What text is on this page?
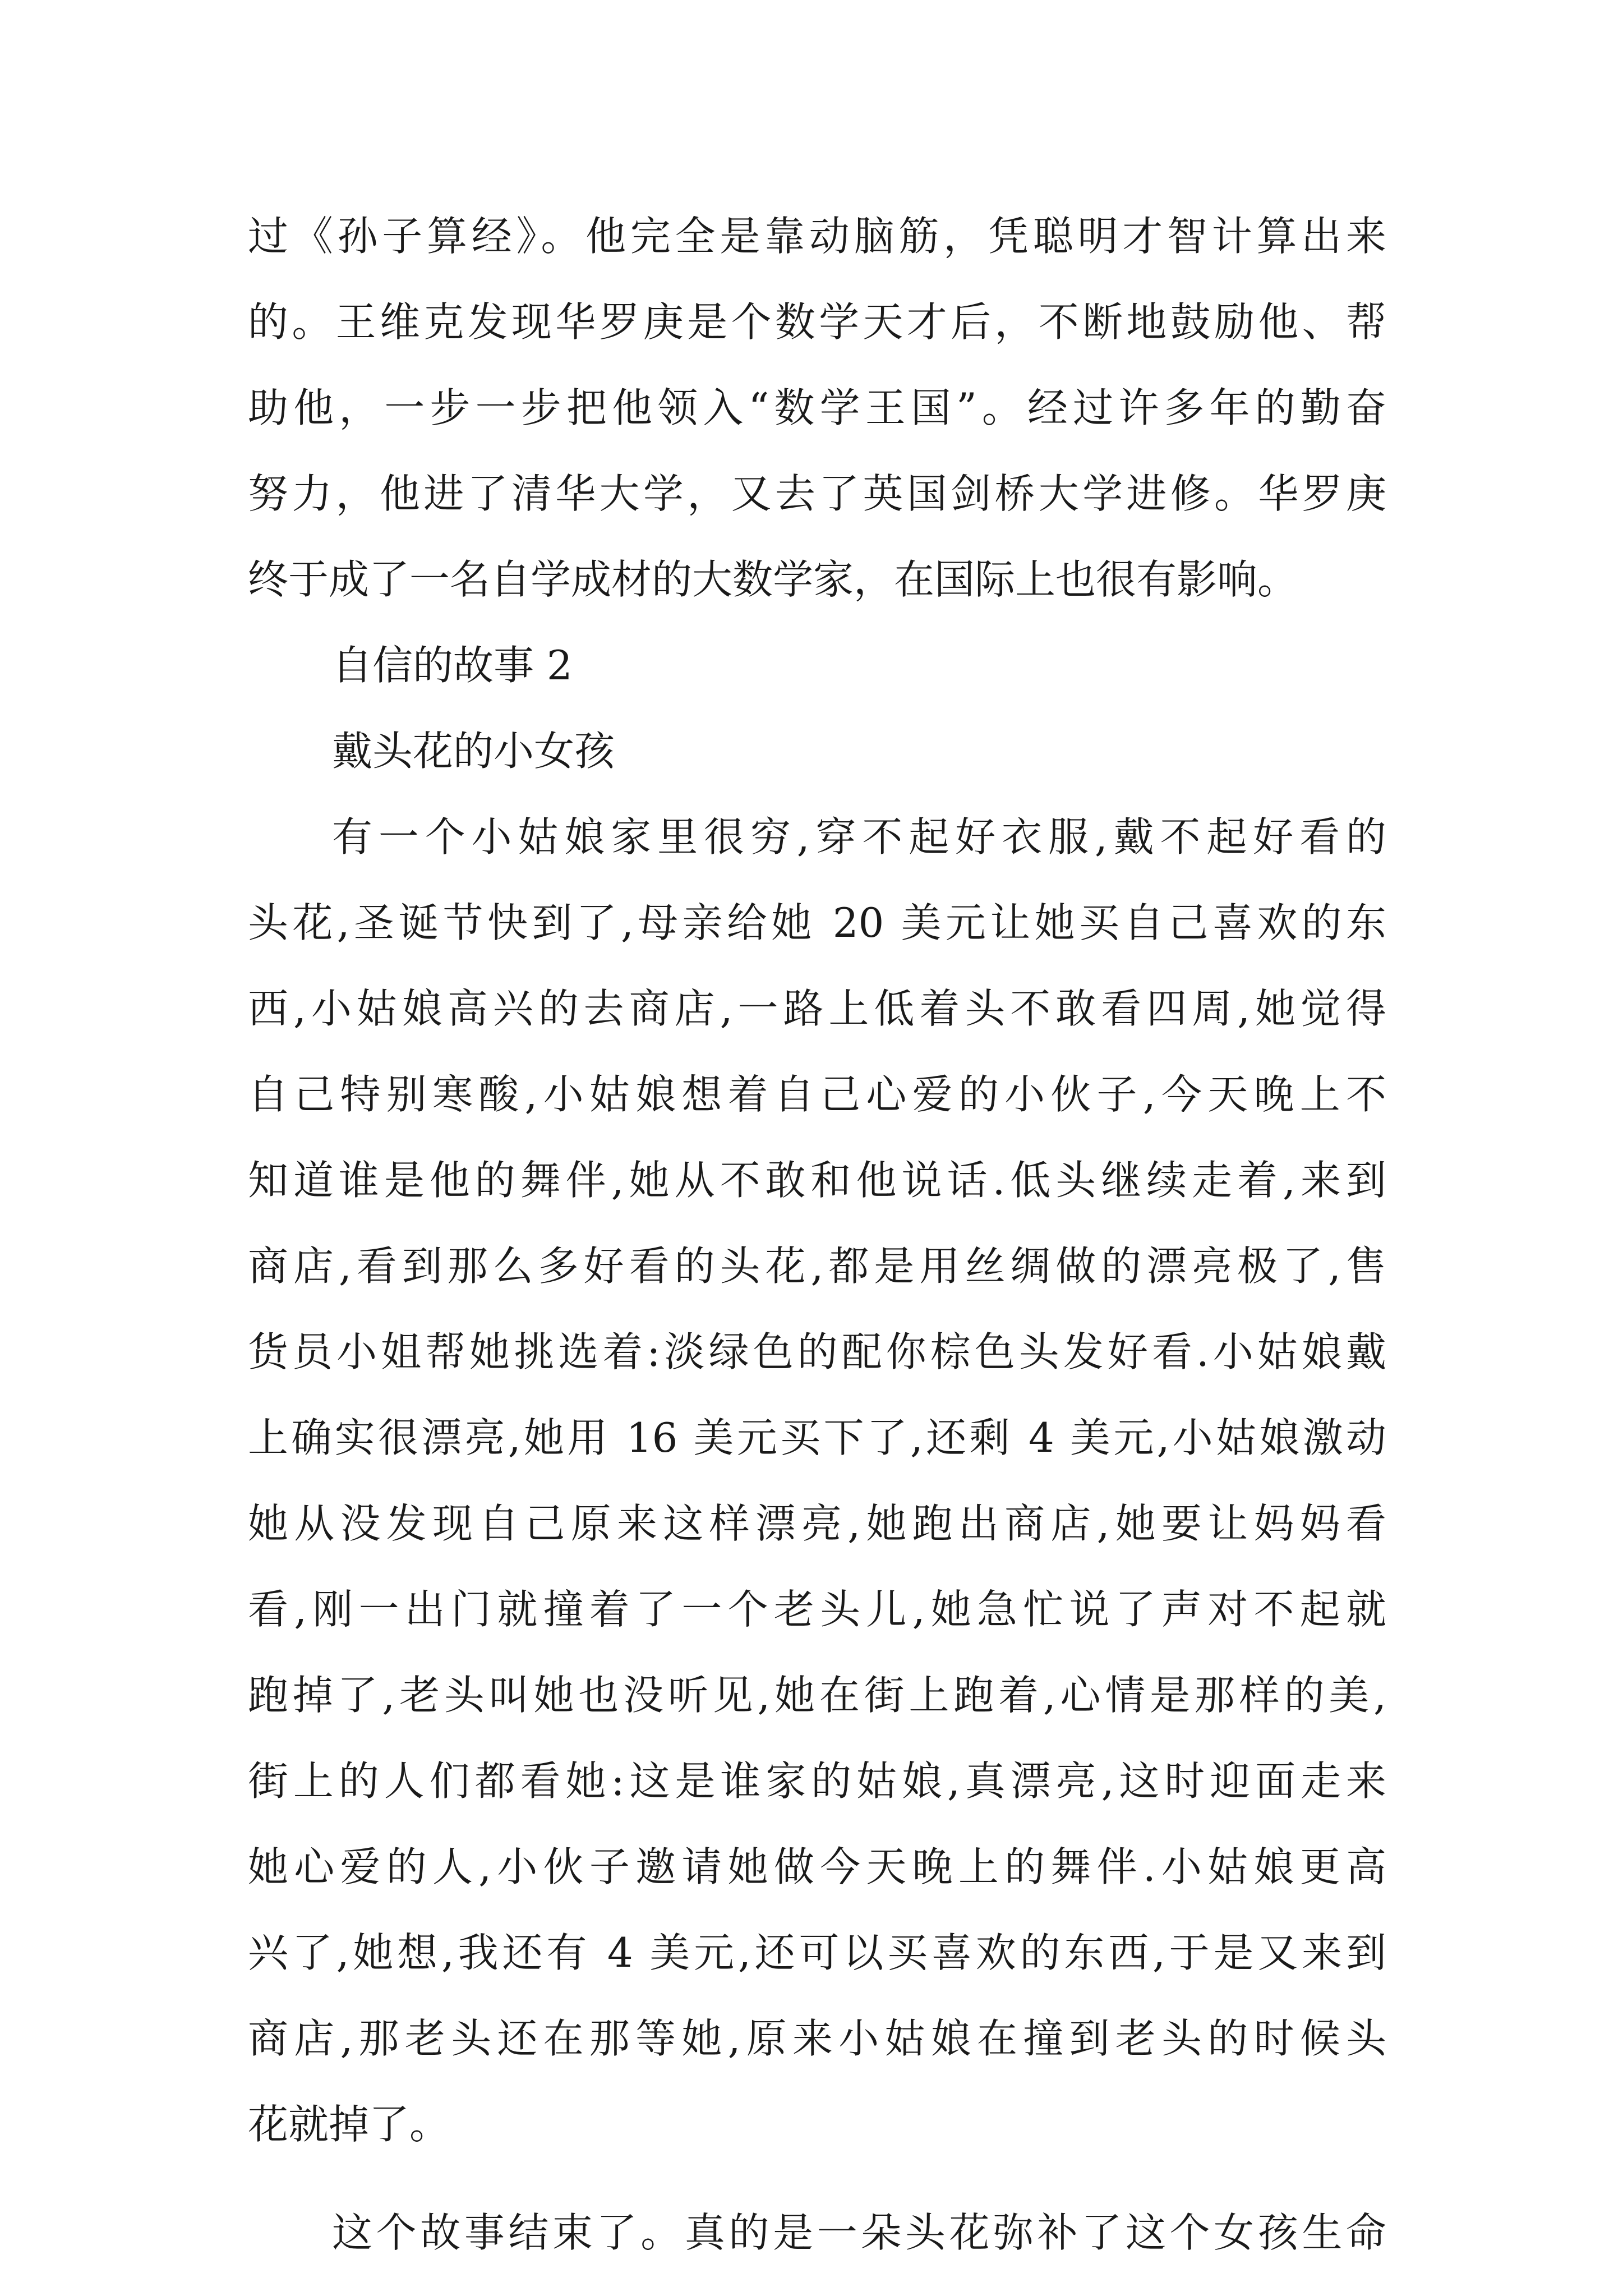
过《孙子算经》。他完全是靠动脑筋，凭聪明才智计算出来
的。王维克发现华罗庚是个数学天才后，不断地鼓励他、帮
助他，一步一步把他领入“数学王国”。经过许多年的勤奋
努力，他进了清华大学，又去了英国剑桥大学进修。华罗庚
终于成了一名自学成材的大数学家，在国际上也很有影响。
自信的故事 2
戴头花的小女孩
有一个小姑娘家里很穷,穿不起好衣服,戴不起好看的
头花,圣诞节快到了,母亲给她 20 美元让她买自己喜欢的东
西,小姑娘高兴的去商店,一路上低着头不敢看四周,她觉得
自己特别寒酸,小姑娘想着自己心爱的小伙子,今天晚上不
知道谁是他的舞伴,她从不敢和他说话.低头继续走着,来到
商店,看到那么多好看的头花,都是用丝绸做的漂亮极了,售
货员小姐帮她挑选着:淡绿色的配你棕色头发好看.小姑娘戴
上确实很漂亮,她用 16 美元买下了,还剩 4 美元,小姑娘激动
她从没发现自己原来这样漂亮,她跑出商店,她要让妈妈看
看,刚一出门就撞着了一个老头儿,她急忙说了声对不起就
跑掉了,老头叫她也没听见,她在街上跑着,心情是那样的美,
街上的人们都看她:这是谁家的姑娘,真漂亮,这时迎面走来
她心爱的人,小伙子邀请她做今天晚上的舞伴.小姑娘更高
兴了,她想,我还有 4 美元,还可以买喜欢的东西,于是又来到
商店,那老头还在那等她,原来小姑娘在撞到老头的时候头
花就掉了。
这个故事结束了。真的是一朵头花弥补了这个女孩生命
